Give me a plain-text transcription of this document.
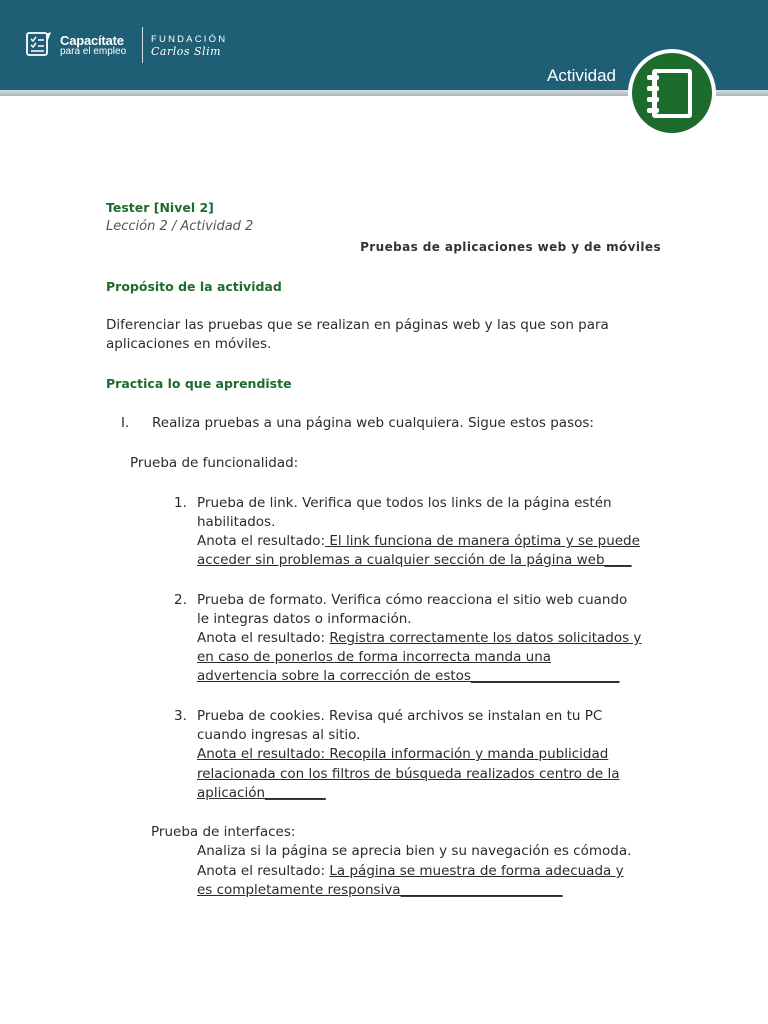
Capacítate
para el empleo
FUNDACIÓN
Carlos Slim
Actividad
Tester [Nivel 2]
Lección 2 / Actividad 2
Pruebas de aplicaciones web y de móviles
Propósito de la actividad
Diferenciar las pruebas que se realizan en páginas web y las que son para
aplicaciones en móviles.
Practica lo que aprendiste
I. Realiza pruebas a una página web cualquiera. Sigue estos pasos:
Prueba de funcionalidad:
1. Prueba de link. Verifica que todos los links de la página estén
habilitados.
Anota el resultado: El link funciona de manera óptima y se puede
acceder sin problemas a cualquier sección de la página web____
2. Prueba de formato. Verifica cómo reacciona el sitio web cuando
le integras datos o información.
Anota el resultado: Registra correctamente los datos solicitados y
en caso de ponerlos de forma incorrecta manda una
advertencia sobre la corrección de estos______________________
3. Prueba de cookies. Revisa qué archivos se instalan en tu PC
cuando ingresas al sitio.
Anota el resultado: Recopila información y manda publicidad
relacionada con los filtros de búsqueda realizados centro de la
aplicación_________
Prueba de interfaces:
Analiza si la página se aprecia bien y su navegación es cómoda.
Anota el resultado: La página se muestra de forma adecuada y
es completamente responsiva________________________
